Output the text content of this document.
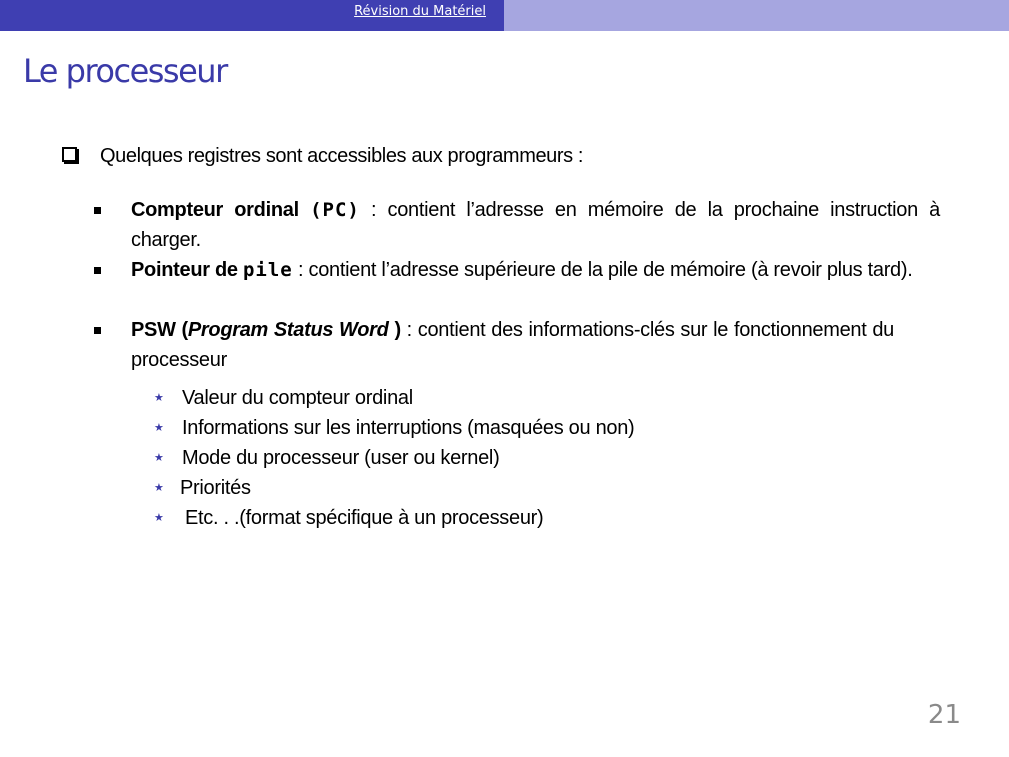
Révision du Matériel
Le processeur
Quelques registres sont accessibles aux programmeurs :
Compteur ordinal (PC) : contient l’adresse en mémoire de la prochaine instruction à charger.
Pointeur de pile : contient l’adresse supérieure de la pile de mémoire (à revoir plus tard).
PSW (Program Status Word ) : contient des informations-clés sur le fonctionnement du processeur
★ Valeur du compteur ordinal
★ Informations sur les interruptions (masquées ou non)
★ Mode du processeur (user ou kernel)
★ Priorités
★	Etc. . .(format spécifique à un processeur)
21
